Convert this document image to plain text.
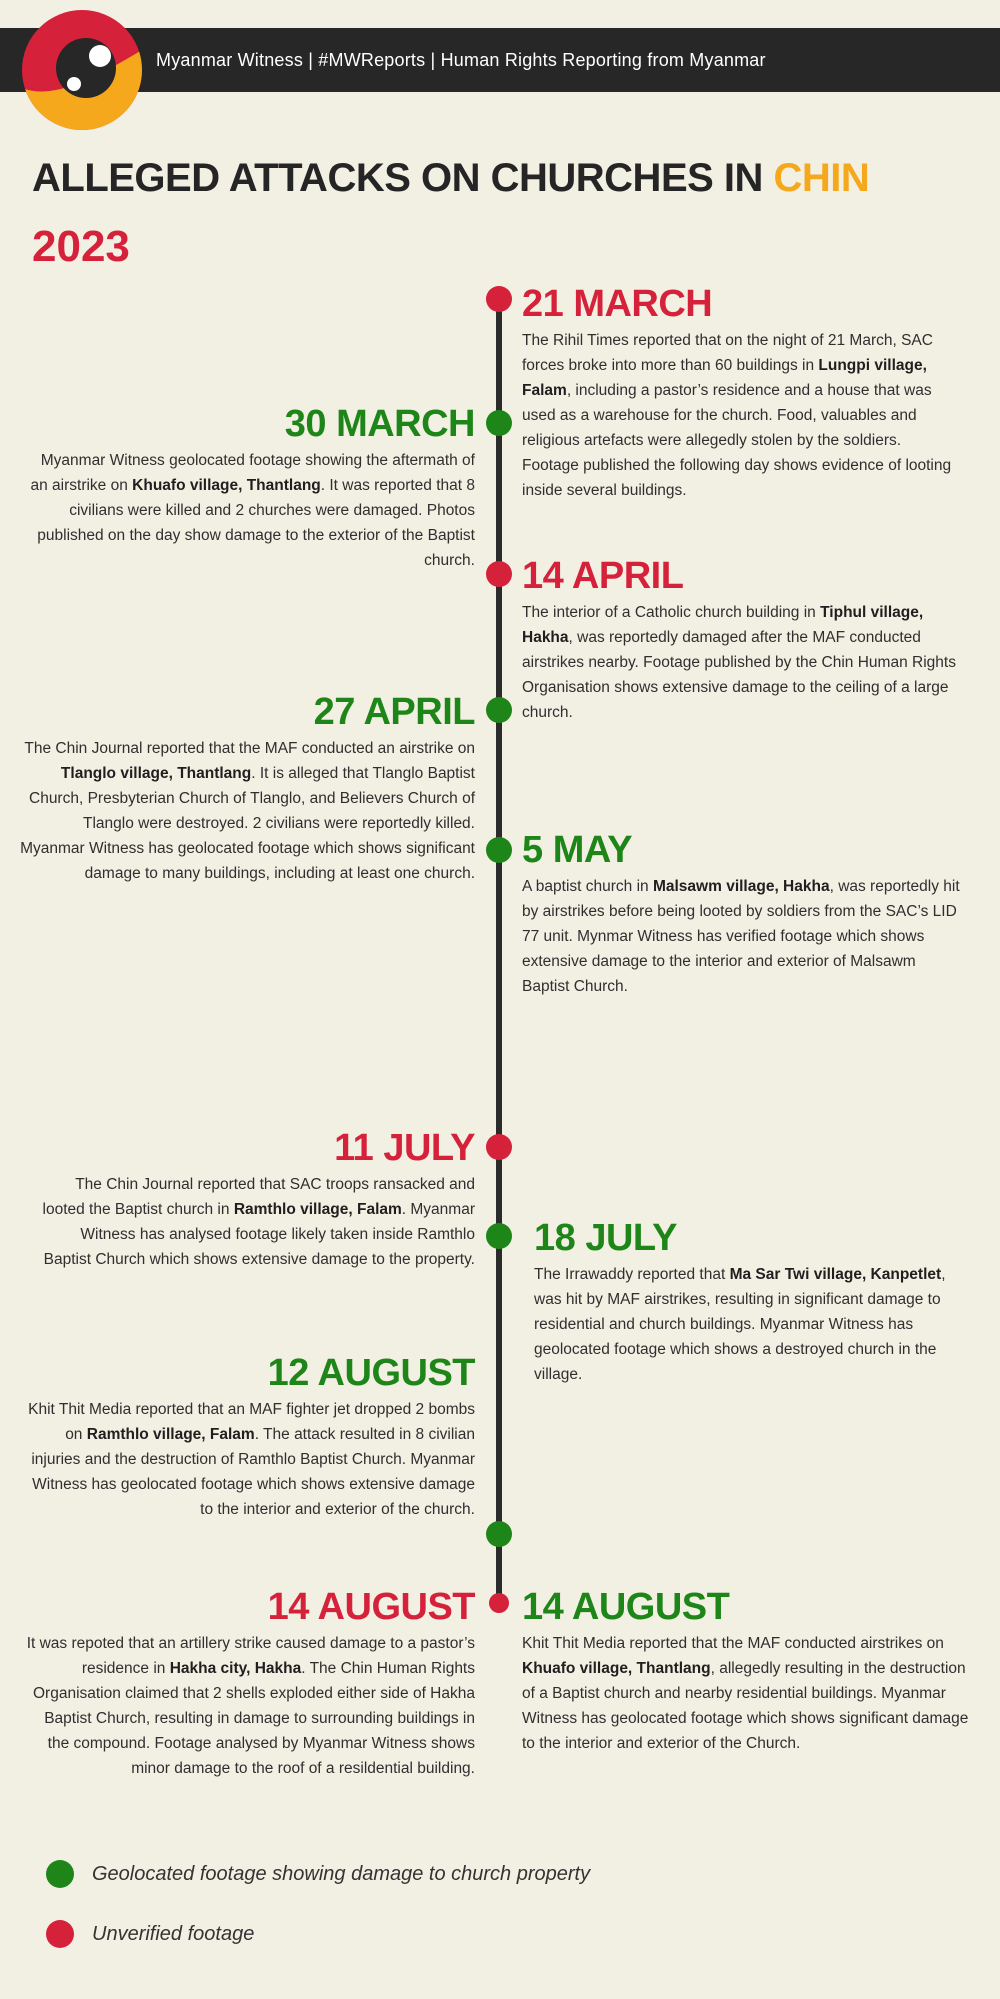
Myanmar Witness | #MWReports | Human Rights Reporting from Myanmar
ALLEGED ATTACKS ON CHURCHES IN CHIN
2023
21 MARCH
The Rihil Times reported that on the night of 21 March, SAC forces broke into more than 60 buildings in Lungpi village, Falam, including a pastor’s residence and a house that was used as a warehouse for the church. Food, valuables and religious artefacts were allegedly stolen by the soldiers. Footage published the following day shows evidence of looting inside several buildings.
30 MARCH
Myanmar Witness geolocated footage showing the aftermath of an airstrike on Khuafo village, Thantlang. It was reported that 8 civilians were killed and 2 churches were damaged. Photos published on the day show damage to the exterior of the Baptist church. 14 APRIL
The interior of a Catholic church building in Tiphul village, Hakha, was reportedly damaged after the MAF conducted airstrikes nearby. Footage published by the Chin Human Rights Organisation shows extensive damage to the ceiling of a large church.
27 APRIL
The Chin Journal reported that the MAF conducted an airstrike on Tlanglo village, Thantlang. It is alleged that Tlanglo Baptist Church, Presbyterian Church of Tlanglo, and Believers Church of Tlanglo were destroyed. 2 civilians were reportedly killed. Myanmar Witness has geolocated footage which shows significant damage to many buildings, including at least one church.
5 MAY
A baptist church in Malsawm village, Hakha, was reportedly hit by airstrikes before being looted by soldiers from the SAC’s LID 77 unit. Mynmar Witness has verified footage which shows extensive damage to the interior and exterior of Malsawm Baptist Church.
11 JULY
The Chin Journal reported that SAC troops ransacked and looted the Baptist church in Ramthlo village, Falam. Myanmar Witness has analysed footage likely taken inside Ramthlo Baptist Church which shows extensive damage to the property.
18 JULY
The Irrawaddy reported that Ma Sar Twi village, Kanpetlet, was hit by MAF airstrikes, resulting in significant damage to residential and church buildings. Myanmar Witness has geolocated footage which shows a destroyed church in the village.
12 AUGUST
Khit Thit Media reported that an MAF fighter jet dropped 2 bombs on Ramthlo village, Falam. The attack resulted in 8 civilian injuries and the destruction of Ramthlo Baptist Church. Myanmar Witness has geolocated footage which shows extensive damage to the interior and exterior of the church.
14 AUGUST
It was repoted that an artillery strike caused damage to a pastor’s residence in Hakha city, Hakha. The Chin Human Rights Organisation claimed that 2 shells exploded either side of Hakha Baptist Church, resulting in damage to surrounding buildings in the compound. Footage analysed by Myanmar Witness shows minor damage to the roof of a resildential building.
14 AUGUST
Khit Thit Media reported that the MAF conducted airstrikes on Khuafo village, Thantlang, allegedly resulting in the destruction of a Baptist church and nearby residential buildings. Myanmar Witness has geolocated footage which shows significant damage to the interior and exterior of the Church.
Geolocated footage showing damage to church property
Unverified footage
